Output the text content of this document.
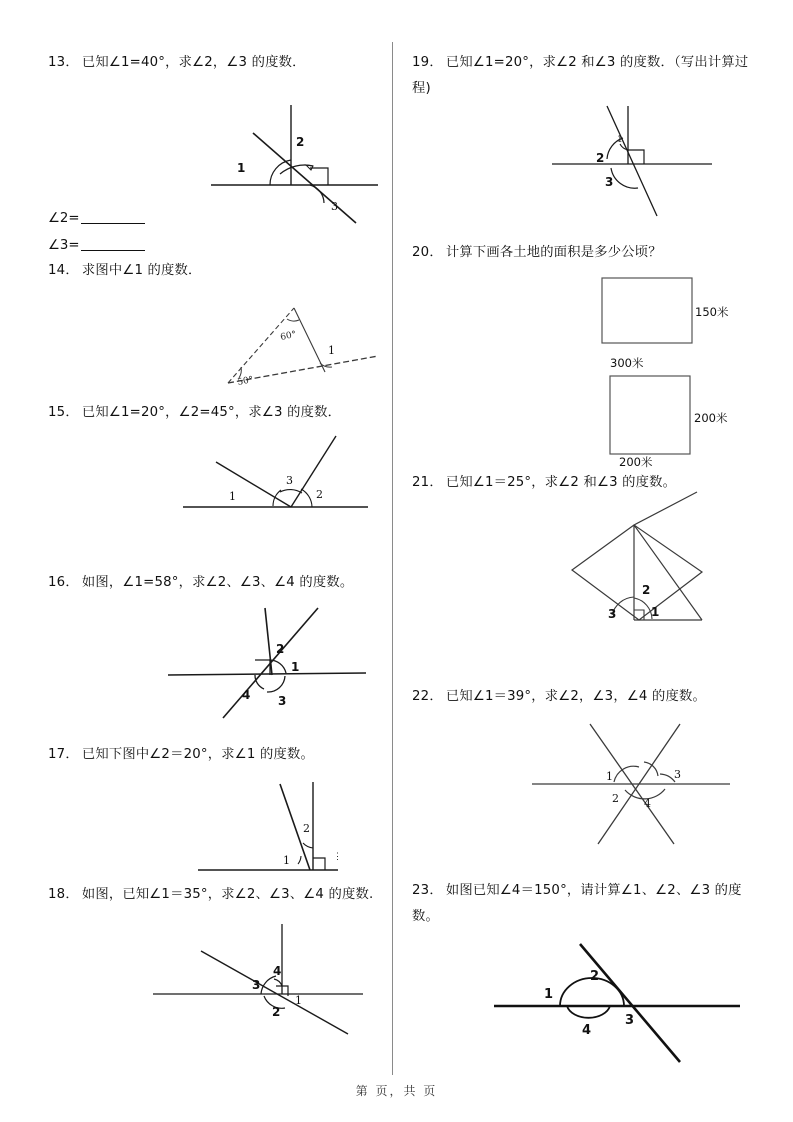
13． 已知∠1=40°，求∠2，∠3 的度数．
1
2
3
∠2=
∠3=
14． 求图中∠1 的度数．
60°
50°
1
15． 已知∠1=20°，∠2=45°，求∠3 的度数．
1	2
3
16． 如图，∠1=58°，求∠2、∠3、∠4 的度数。
1
2
3
4
17． 已知下图中∠2＝20°，求∠1 的度数。
2
1	⋮
18． 如图，已知∠1＝35°，求∠2、∠3、∠4 的度数.
1
2
3
4
19． 已知∠1=20°，求∠2 和∠3 的度数．（写出计算过程)
1
2
3
20． 计算下画各土地的面积是多少公顷？
150米
300米
200米
200米
21． 已知∠1＝25°，求∠2 和∠3 的度数。
1
2
3
22． 已知∠1＝39°，求∠2，∠3，∠4 的度数。
1
2
3
4
23． 如图已知∠4＝150°，请计算∠1、∠2、∠3 的度数。
1
2
3
4
第 页，共 页
